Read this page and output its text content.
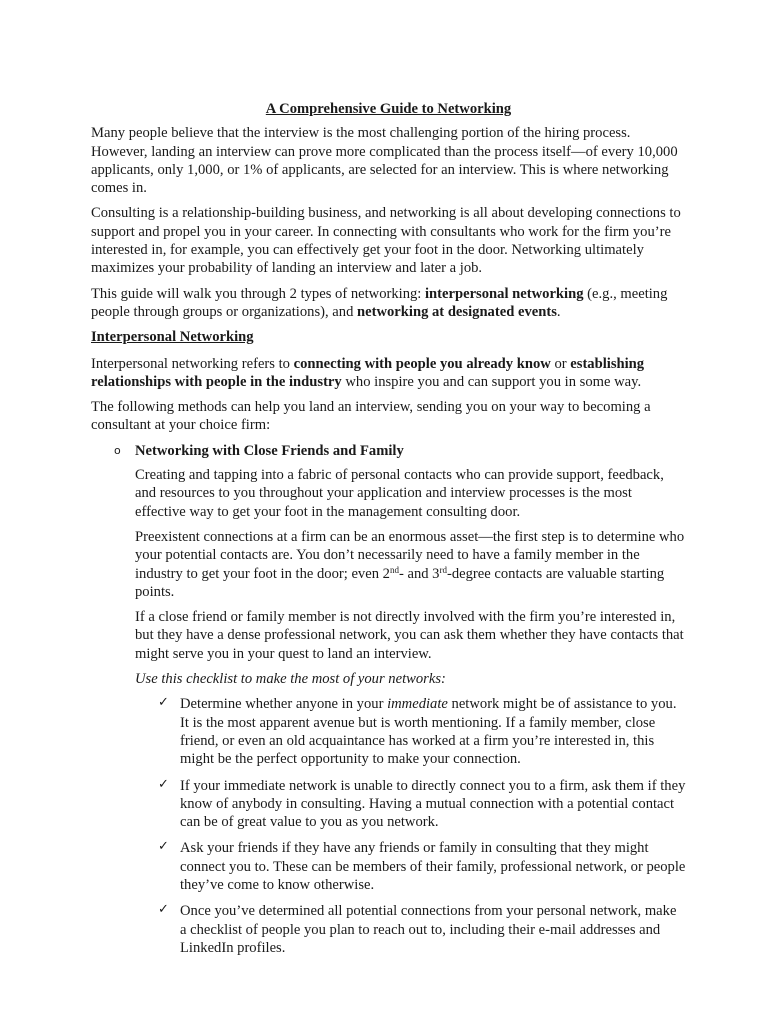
A Comprehensive Guide to Networking

Many people believe that the interview is the most challenging portion of the hiring process. However, landing an interview can prove more complicated than the process itself—of every 10,000 applicants, only 1,000, or 1% of applicants, are selected for an interview. This is where networking comes in.

Consulting is a relationship-building business, and networking is all about developing connections to support and propel you in your career. In connecting with consultants who work for the firm you’re interested in, for example, you can effectively get your foot in the door. Networking ultimately maximizes your probability of landing an interview and later a job.

This guide will walk you through 2 types of networking: interpersonal networking (e.g., meeting people through groups or organizations), and networking at designated events.

Interpersonal Networking

Interpersonal networking refers to connecting with people you already know or establishing relationships with people in the industry who inspire you and can support you in some way.

The following methods can help you land an interview, sending you on your way to becoming a consultant at your choice firm:

o Networking with Close Friends and Family

Creating and tapping into a fabric of personal contacts who can provide support, feedback, and resources to you throughout your application and interview processes is the most effective way to get your foot in the management consulting door.

Preexistent connections at a firm can be an enormous asset—the first step is to determine who your potential contacts are. You don’t necessarily need to have a family member in the industry to get your foot in the door; even 2nd- and 3rd-degree contacts are valuable starting points.

If a close friend or family member is not directly involved with the firm you’re interested in, but they have a dense professional network, you can ask them whether they have contacts that might serve you in your quest to land an interview.

Use this checklist to make the most of your networks:

✓ Determine whether anyone in your immediate network might be of assistance to you. It is the most apparent avenue but is worth mentioning. If a family member, close friend, or even an old acquaintance has worked at a firm you’re interested in, this might be the perfect opportunity to make your connection.
✓ If your immediate network is unable to directly connect you to a firm, ask them if they know of anybody in consulting. Having a mutual connection with a potential contact can be of great value to you as you network.
✓ Ask your friends if they have any friends or family in consulting that they might connect you to. These can be members of their family, professional network, or people they’ve come to know otherwise.
✓ Once you’ve determined all potential connections from your personal network, make a checklist of people you plan to reach out to, including their e-mail addresses and LinkedIn profiles.
